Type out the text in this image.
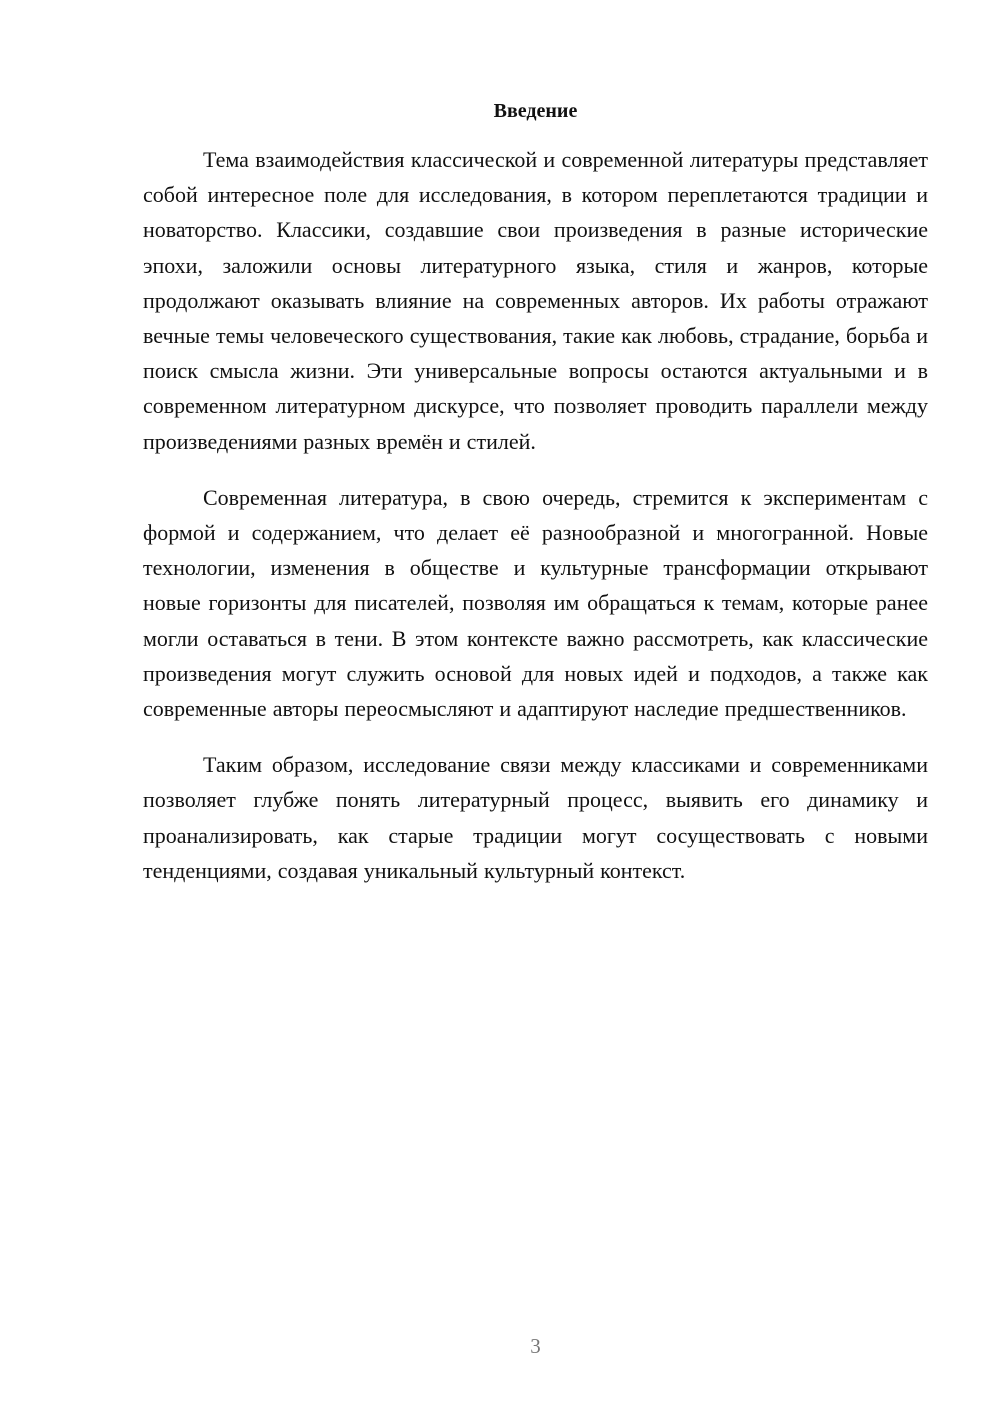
Введение

Тема взаимодействия классической и современной литературы представляет собой интересное поле для исследования, в котором переплетаются традиции и новаторство. Классики, создавшие свои произведения в разные исторические эпохи, заложили основы литературного языка, стиля и жанров, которые продолжают оказывать влияние на современных авторов. Их работы отражают вечные темы человеческого существования, такие как любовь, страдание, борьба и поиск смысла жизни. Эти универсальные вопросы остаются актуальными и в современном литературном дискурсе, что позволяет проводить параллели между произведениями разных времён и стилей.

Современная литература, в свою очередь, стремится к экспериментам с формой и содержанием, что делает её разнообразной и многогранной. Новые технологии, изменения в обществе и культурные трансформации открывают новые горизонты для писателей, позволяя им обращаться к темам, которые ранее могли оставаться в тени. В этом контексте важно рассмотреть, как классические произведения могут служить основой для новых идей и подходов, а также как современные авторы переосмысляют и адаптируют наследие предшественников.

Таким образом, исследование связи между классиками и современниками позволяет глубже понять литературный процесс, выявить его динамику и проанализировать, как старые традиции могут сосуществовать с новыми тенденциями, создавая уникальный культурный контекст.

3
